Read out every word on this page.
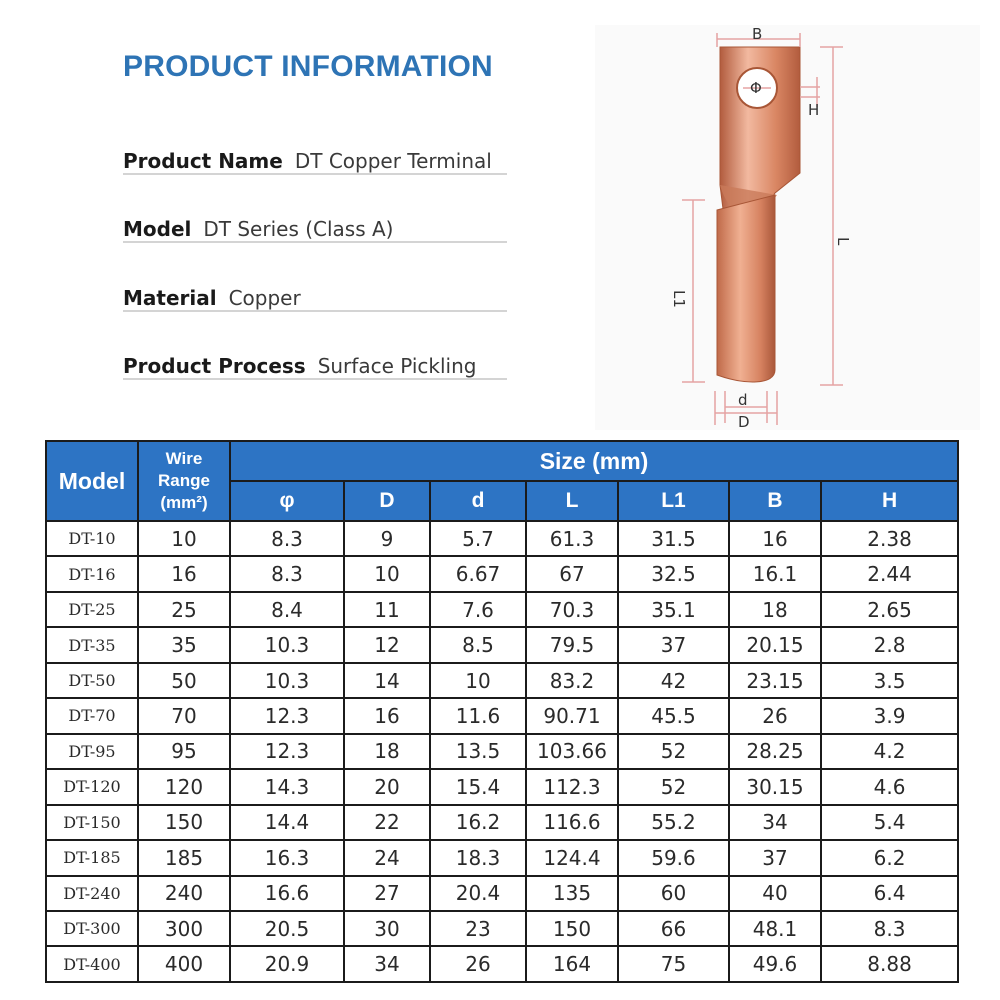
PRODUCT INFORMATION
Product Name DT Copper Terminal
Model DT Series (Class A)
Material Copper
Product Process Surface Pickling
B
Φ
H
L
L1
d
D
Model	Wire
Range
(mm²)	Size (mm)						
		φ	D	d	L	L1	B	H
DT-10	10	8.3	9	5.7	61.3	31.5	16	2.38
DT-16	16	8.3	10	6.67	67	32.5	16.1	2.44
DT-25	25	8.4	11	7.6	70.3	35.1	18	2.65
DT-35	35	10.3	12	8.5	79.5	37	20.15	2.8
DT-50	50	10.3	14	10	83.2	42	23.15	3.5
DT-70	70	12.3	16	11.6	90.71	45.5	26	3.9
DT-95	95	12.3	18	13.5	103.66	52	28.25	4.2
DT-120	120	14.3	20	15.4	112.3	52	30.15	4.6
DT-150	150	14.4	22	16.2	116.6	55.2	34	5.4
DT-185	185	16.3	24	18.3	124.4	59.6	37	6.2
DT-240	240	16.6	27	20.4	135	60	40	6.4
DT-300	300	20.5	30	23	150	66	48.1	8.3
DT-400	400	20.9	34	26	164	75	49.6	8.88
